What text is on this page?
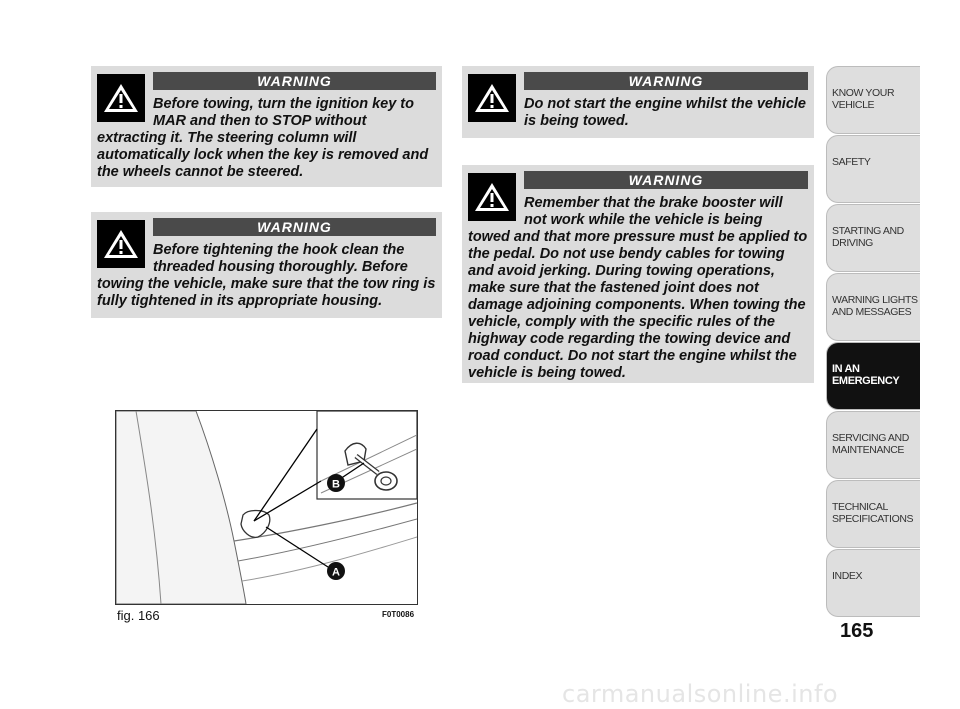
WARNING
Before towing, turn the ignition key to MAR and then to STOP without
extracting it. The steering column will automatically lock when the key is removed and the wheels cannot be steered.
WARNING
Before tightening the hook clean the threaded housing thoroughly. Before
towing the vehicle, make sure that the tow ring is fully tightened in its appropriate housing.
WARNING
Do not start the engine whilst the vehicle is being towed.
WARNING
Remember that the brake booster will not work while the vehicle is being
towed and that more pressure must be applied to the pedal. Do not use bendy cables for towing and avoid jerking. During towing operations, make sure that the fastened joint does not damage adjoining components. When towing the vehicle, comply with the specific rules of the highway code regarding the towing device and road conduct. Do not start the engine whilst the vehicle is being towed.
B
A
fig. 166	F0T0086
KNOW YOUR
VEHICLE
SAFETY
STARTING AND
DRIVING
WARNING LIGHTS
AND MESSAGES
IN AN
EMERGENCY
SERVICING AND
MAINTENANCE
TECHNICAL
SPECIFICATIONS
INDEX
165
carmanualsonline.info
